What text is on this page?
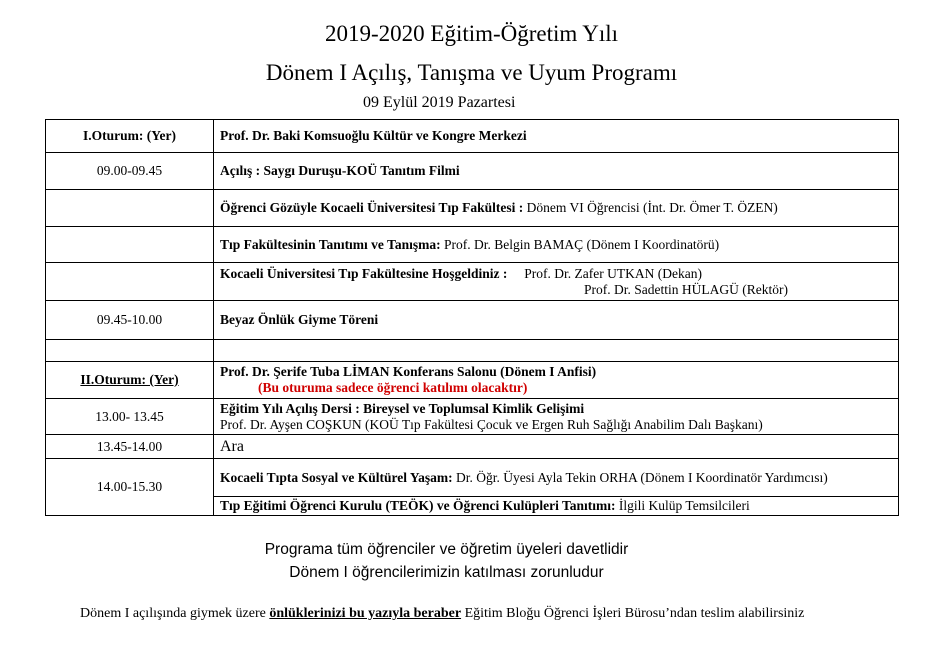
2019-2020 Eğitim-Öğretim Yılı
Dönem I Açılış, Tanışma ve Uyum Programı
09 Eylül 2019 Pazartesi
I.Oturum: (Yer)	Prof. Dr. Baki Komsuoğlu Kültür ve Kongre Merkezi
09.00-09.45	Açılış : Saygı Duruşu-KOÜ Tanıtım Filmi
	Öğrenci Gözüyle Kocaeli Üniversitesi Tıp Fakültesi : Dönem VI Öğrencisi (İnt. Dr. Ömer T. ÖZEN)
	Tıp Fakültesinin Tanıtımı ve Tanışma: Prof. Dr. Belgin BAMAÇ (Dönem I Koordinatörü)
	Kocaeli Üniversitesi Tıp Fakültesine Hoşgeldiniz : Prof. Dr. Zafer UTKAN (Dekan)

Prof. Dr. Sadettin HÜLAGÜ (Rektör)

09.45-10.00	Beyaz Önlük Giyme Töreni

II.Oturum: (Yer)	Prof. Dr. Şerife Tuba LİMAN Konferans Salonu (Dönem I Anfisi)
(Bu oturuma sadece öğrenci katılımı olacaktır)

13.00- 13.45	Eğitim Yılı Açılış Dersi : Bireysel ve Toplumsal Kimlik Gelişimi
Prof. Dr. Ayşen COŞKUN (KOÜ Tıp Fakültesi Çocuk ve Ergen Ruh Sağlığı Anabilim Dalı Başkanı)

13.45-14.00	Ara
14.00-15.30	Kocaeli Tıpta Sosyal ve Kültürel Yaşam: Dr. Öğr. Üyesi Ayla Tekin ORHA (Dönem I Koordinatör Yardımcısı)
	Tıp Eğitimi Öğrenci Kurulu (TEÖK) ve Öğrenci Kulüpleri Tanıtımı: İlgili Kulüp Temsilcileri
Programa tüm öğrenciler ve öğretim üyeleri davetlidir
Dönem I öğrencilerimizin katılması zorunludur
Dönem I açılışında giymek üzere önlüklerinizi bu yazıyla beraber Eğitim Bloğu Öğrenci İşleri Bürosu’ndan teslim alabilirsiniz
